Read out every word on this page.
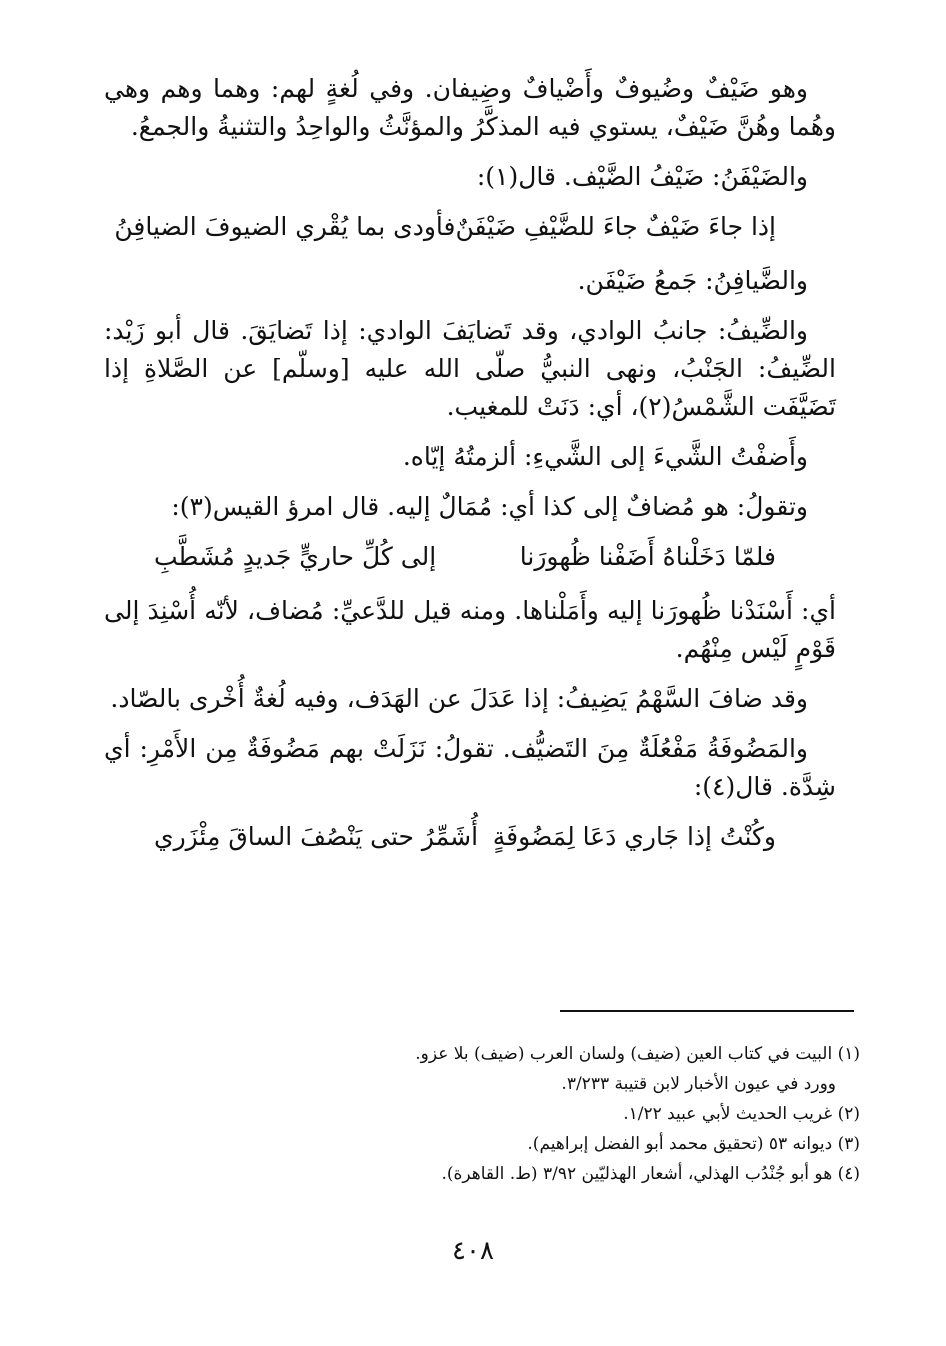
وهو ضَيْفٌ وضُيوفٌ وأَضْيافٌ وضِيفان. وفي لُغةٍ لهم: وهما وهم وهي وهُما وهُنَّ ضَيْفٌ، يستوي فيه المذكَّرُ والمؤنَّثُ والواحِدُ والتثنيةُ والجمعُ.

والضَيْفَنُ: ضَيْفُ الضَّيْف. قال(١):

إذا جاءَ ضَيْفٌ جاءَ للضَّيْفِ ضَيْفَنٌ
فأودى بما يُقْري الضيوفَ الضيافِنُ

والضَّيافِنُ: جَمعُ ضَيْفَن.

والضِّيفُ: جانبُ الوادي، وقد تَضايَفَ الوادي: إذا تَضايَقَ. قال أبو زَيْد: الضِّيفُ: الجَنْبُ، ونهى النبيُّ صلّى الله عليه [وسلّم] عن الصَّلاةِ إذا تَضَيَّفَت الشَّمْسُ(٢)، أي: دَنَتْ للمغيب.

وأَضفْتُ الشَّيءَ إلى الشَّيءِ: ألزمتُهُ إيّاه.

وتقولُ: هو مُضافٌ إلى كذا أي: مُمَالٌ إليه. قال امرؤ القيس(٣):

فلمّا دَخَلْناهُ أَضَفْنا ظُهورَنا
إلى كُلِّ حاريٍّ جَديدٍ مُشَطَّبِ

أي: أَسْنَدْنا ظُهورَنا إليه وأَمَلْناها. ومنه قيل للدَّعيِّ: مُضاف، لأنّه أُسْنِدَ إلى قَوْمٍ لَيْس مِنْهُم.

وقد ضافَ السَّهْمُ يَضِيفُ: إذا عَدَلَ عن الهَدَف، وفيه لُغةٌ أُخْرى بالصّاد.

والمَضُوفَةُ مَفْعُلَةٌ مِنَ التَضيُّف. تقولُ: نَزَلَتْ بهم مَضُوفَةٌ مِن الأَمْرِ: أي شِدَّة. قال(٤):

وكُنْتُ إذا جَاري دَعَا لِمَضُوفَةٍ
أُشَمِّرُ حتى يَنْصُفَ الساقَ مِئْزَري

(١) البيت في كتاب العين (ضيف) ولسان العرب (ضيف) بلا عزو.

وورد في عيون الأخبار لابن قتيبة ٣/٢٣٣.

(٢) غريب الحديث لأبي عبيد ١/٢٢.

(٣) ديوانه ٥٣ (تحقيق محمد أبو الفضل إبراهيم).

(٤) هو أبو جُنْدُب الهذلي، أشعار الهذليّين ٣/٩٢ (ط. القاهرة).

٤٠٨
